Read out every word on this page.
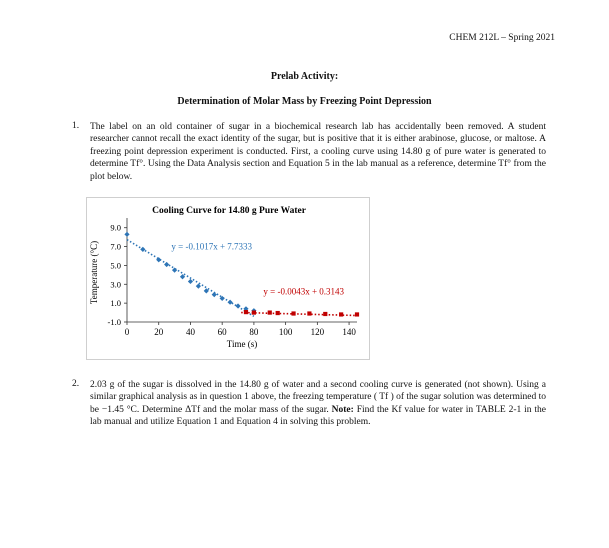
CHEM 212L – Spring 2021
Prelab Activity:
Determination of Molar Mass by Freezing Point Depression
1. The label on an old container of sugar in a biochemical research lab has accidentally been removed. A student researcher cannot recall the exact identity of the sugar, but is positive that it is either arabinose, glucose, or maltose. A freezing point depression experiment is conducted. First, a cooling curve using 14.80 g of pure water is generated to determine Tf°. Using the Data Analysis section and Equation 5 in the lab manual as a reference, determine Tf° from the plot below.
Cooling Curve for 14.80 g Pure Water
0	20	40	60	80 100 120 140
-1.0
1.0
3.0
5.0
7.0
9.0
y = -0.1017x + 7.7333
y = -0.0043x + 0.3143
Time (s)
Temperature (°C)
2. 2.03 g of the sugar is dissolved in the 14.80 g of water and a second cooling curve is generated (not shown). Using a similar graphical analysis as in question 1 above, the freezing temperature ( Tf ) of the sugar solution was determined to be −1.45 °C. Determine ΔTf and the molar mass of the sugar. Note: Find the Kf value for water in TABLE 2-1 in the lab manual and utilize Equation 1 and Equation 4 in solving this problem.
